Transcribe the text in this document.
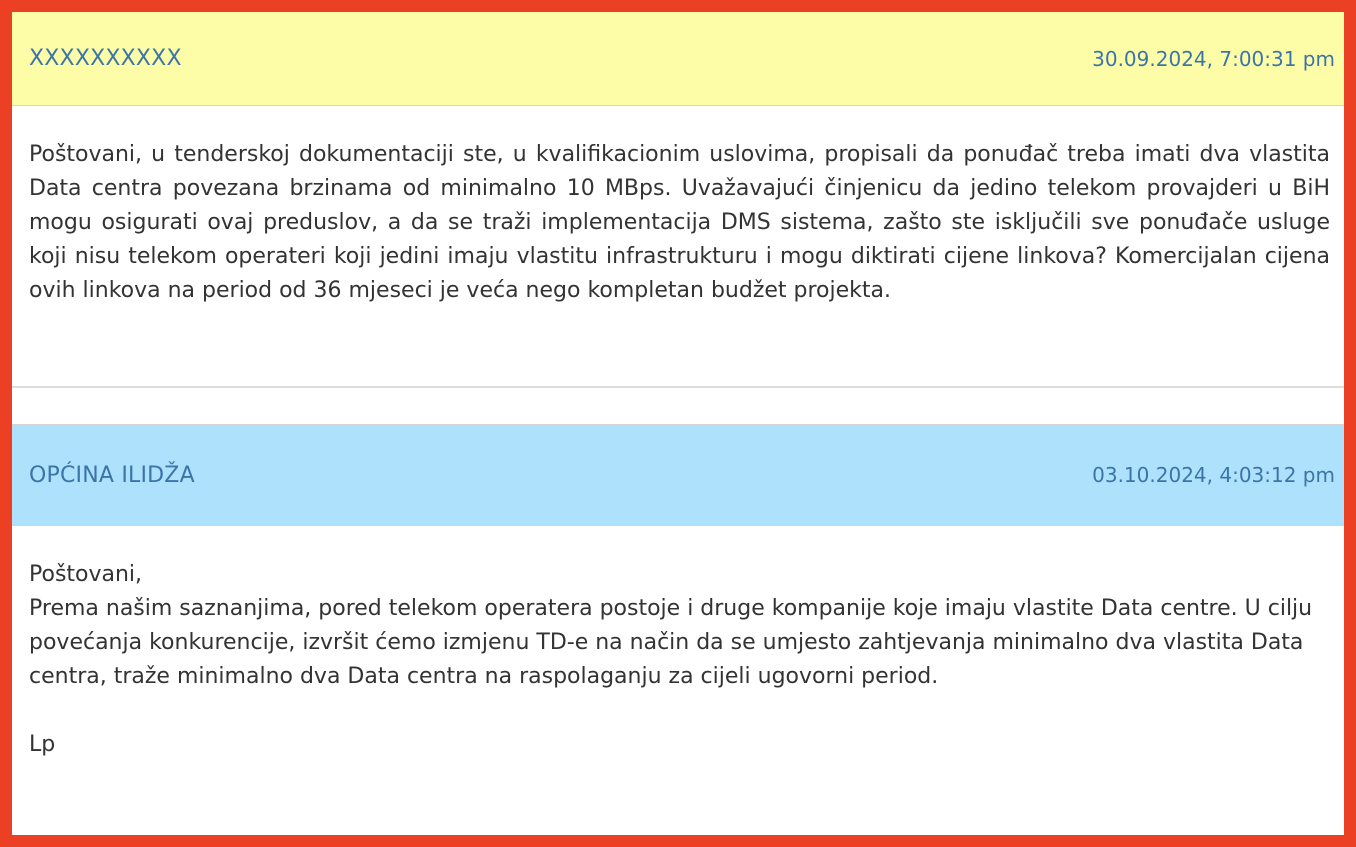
XXXXXXXXXX	30.09.2024, 7:00:31 pm
Poštovani, u tenderskoj dokumentaciji ste, u kvalifikacionim uslovima, propisali da ponuđač treba imati dva vlastita Data centra povezana brzinama od minimalno 10 MBps. Uvažavajući činjenicu da jedino telekom provajderi u BiH mogu osigurati ovaj preduslov, a da se traži implementacija DMS sistema, zašto ste isključili sve ponuđače usluge koji nisu telekom operateri koji jedini imaju vlastitu infrastrukturu i mogu diktirati cijene linkova? Komercijalan cijena ovih linkova na period od 36 mjeseci je veća nego kompletan budžet projekta.
OPĆINA ILIDŽA	03.10.2024, 4:03:12 pm
Poštovani,
Prema našim saznanjima, pored telekom operatera postoje i druge kompanije koje imaju vlastite Data centre. U cilju povećanja konkurencije, izvršit ćemo izmjenu TD-e na način da se umjesto zahtjevanja minimalno dva vlastita Data centra, traže minimalno dva Data centra na raspolaganju za cijeli ugovorni period.

Lp
